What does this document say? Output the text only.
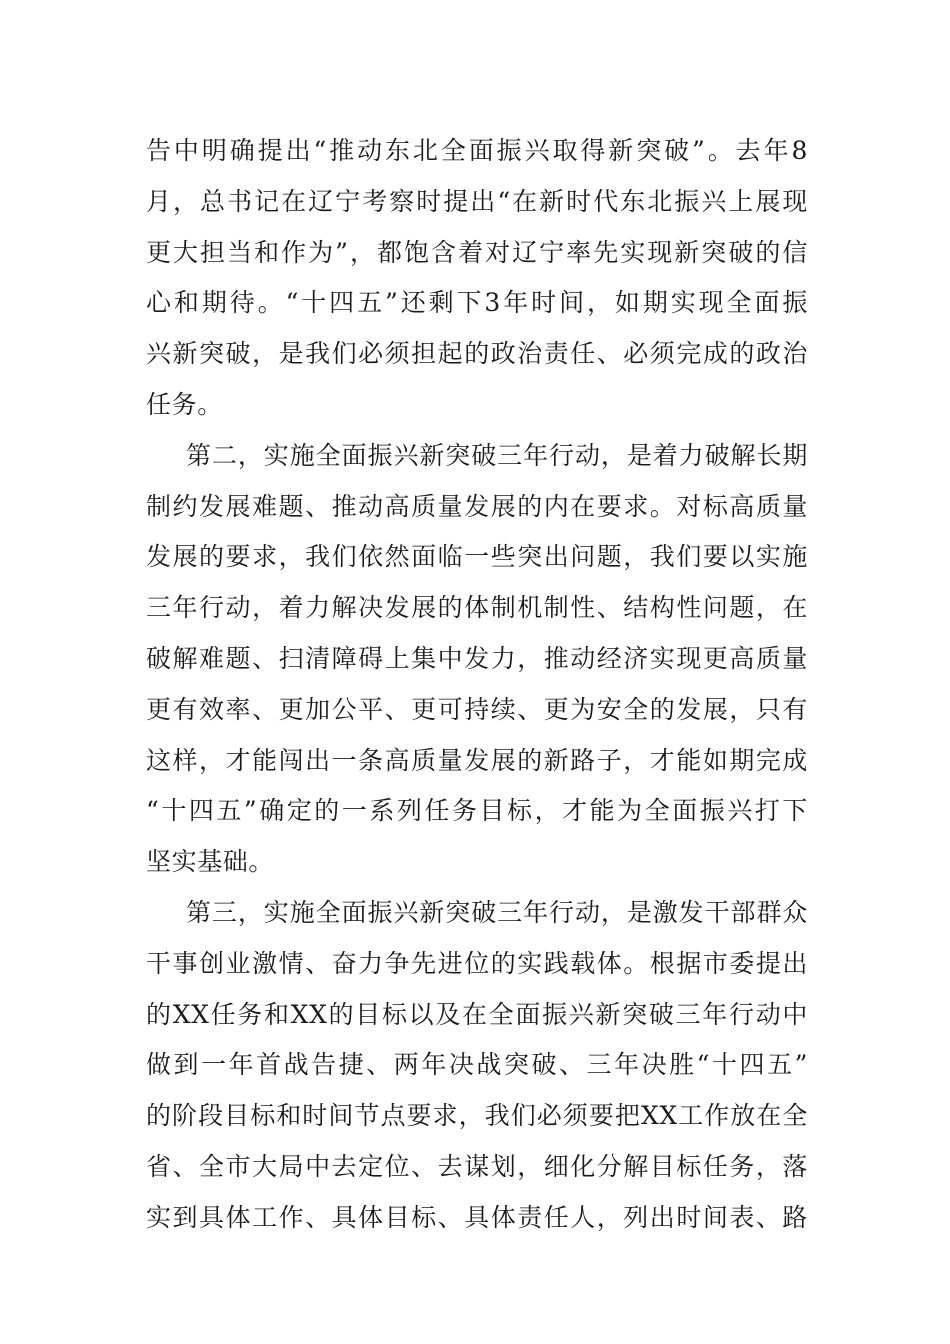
告中明确提出“推动东北全面振兴取得新突破”。去年8
月，总书记在辽宁考察时提出“在新时代东北振兴上展现
更大担当和作为”，都饱含着对辽宁率先实现新突破的信
心和期待。“十四五”还剩下3年时间，如期实现全面振
兴新突破，是我们必须担起的政治责任、必须完成的政治
任务。
第二，实施全面振兴新突破三年行动，是着力破解长期
制约发展难题、推动高质量发展的内在要求。对标高质量
发展的要求，我们依然面临一些突出问题，我们要以实施
三年行动，着力解决发展的体制机制性、结构性问题，在
破解难题、扫清障碍上集中发力，推动经济实现更高质量
更有效率、更加公平、更可持续、更为安全的发展，只有
这样，才能闯出一条高质量发展的新路子，才能如期完成
“十四五”确定的一系列任务目标，才能为全面振兴打下
坚实基础。
第三，实施全面振兴新突破三年行动，是激发干部群众
干事创业激情、奋力争先进位的实践载体。根据市委提出
的XX任务和XX的目标以及在全面振兴新突破三年行动中
做到一年首战告捷、两年决战突破、三年决胜“十四五”
的阶段目标和时间节点要求，我们必须要把XX工作放在全
省、全市大局中去定位、去谋划，细化分解目标任务，落
实到具体工作、具体目标、具体责任人，列出时间表、路
